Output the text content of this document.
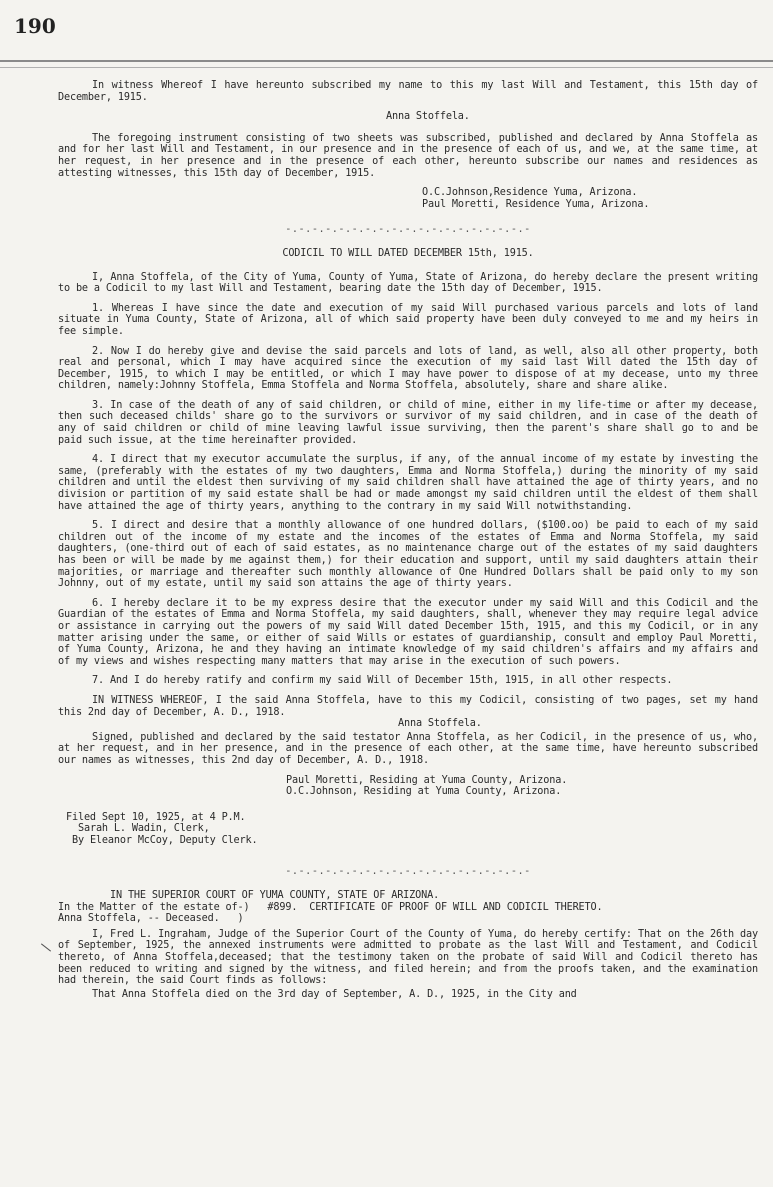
190

In witness Whereof I have hereunto subscribed my name to this my last Will and Testament, this 15th day of December, 1915.

Anna Stoffela.

The foregoing instrument consisting of two sheets was subscribed, published and declared by Anna Stoffela as and for her last Will and Testament, in our presence and in the presence of each of us, and we, at the same time, at her request, in her presence and in the presence of each other, hereunto subscribe our names and residences as attesting witnesses, this 15th day of December, 1915.

O.C.Johnson,Residence Yuma, Arizona.
Paul Moretti, Residence Yuma, Arizona.
-.-.-.-.-.-.-.-.-.-.-.-.-.-.-.-.-.-.-
CODICIL TO WILL DATED DECEMBER 15th, 1915.

I, Anna Stoffela, of the City of Yuma, County of Yuma, State of Arizona, do hereby declare the present writing to be a Codicil to my last Will and Testament, bearing date the 15th day of December, 1915.

1. Whereas I have since the date and execution of my said Will purchased various parcels and lots of land situate in Yuma County, State of Arizona, all of which said property have been duly conveyed to me and my heirs in fee simple.

2. Now I do hereby give and devise the said parcels and lots of land, as well, also all other property, both real and personal, which I may have acquired since the execution of my said last Will dated the 15th day of December, 1915, to which I may be entitled, or which I may have power to dispose of at my decease, unto my three children, namely:Johnny Stoffela, Emma Stoffela and Norma Stoffela, absolutely, share and share alike.

3. In case of the death of any of said children, or child of mine, either in my life-time or after my decease, then such deceased childs' share go to the survivors or survivor of my said children, and in case of the death of any of said children or child of mine leaving lawful issue surviving, then the parent's share shall go to and be paid such issue, at the time hereinafter provided.

4. I direct that my executor accumulate the surplus, if any, of the annual income of my estate by investing the same, (preferably with the estates of my two daughters, Emma and Norma Stoffela,) during the minority of my said children and until the eldest then surviving of my said children shall have attained the age of thirty years, and no division or partition of my said estate shall be had or made amongst my said children until the eldest of them shall have attained the age of thirty years, anything to the contrary in my said Will notwithstanding.

5. I direct and desire that a monthly allowance of one hundred dollars, ($100.oo) be paid to each of my said children out of the income of my estate and the incomes of the estates of Emma and Norma Stoffela, my said daughters, (one-third out of each of said estates, as no maintenance charge out of the estates of my said daughters has been or will be made by me against them,) for their education and support, until my said daughters attain their majorities, or marriage and thereafter such monthly allowance of One Hundred Dollars shall be paid only to my son Johnny, out of my estate, until my said son attains the age of thirty years.

6. I hereby declare it to be my express desire that the executor under my said Will and this Codicil and the Guardian of the estates of Emma and Norma Stoffela, my said daughters, shall, whenever they may require legal advice or assistance in carrying out the powers of my said Will dated December 15th, 1915, and this my Codicil, or in any matter arising under the same, or either of said Wills or estates of guardianship, consult and employ Paul Moretti, of Yuma County, Arizona, he and they having an intimate knowledge of my said children's affairs and my affairs and of my views and wishes respecting many matters that may arise in the execution of such powers.

7. And I do hereby ratify and confirm my said Will of December 15th, 1915, in all other respects.

IN WITNESS WHEREOF, I the said Anna Stoffela, have to this my Codicil, consisting of two pages, set my hand this 2nd day of December, A. D., 1918.

Anna Stoffela.

Signed, published and declared by the said testator Anna Stoffela, as her Codicil, in the presence of us, who, at her request, and in her presence, and in the presence of each other, at the same time, have hereunto subscribed our names as witnesses, this 2nd day of December, A. D., 1918.

Paul Moretti, Residing at Yuma County, Arizona.
O.C.Johnson, Residing at Yuma County, Arizona.
Filed Sept 10, 1925, at 4 P.M.
Sarah L. Wadin, Clerk,
By Eleanor McCoy, Deputy Clerk.
-.-.-.-.-.-.-.-.-.-.-.-.-.-.-.-.-.-.-
IN THE SUPERIOR COURT OF YUMA COUNTY, STATE OF ARIZONA.
In the Matter of the estate of-)   #899.  CERTIFICATE OF PROOF OF WILL AND CODICIL THERETO.
Anna Stoffela, -- Deceased.   )

I, Fred L. Ingraham, Judge of the Superior Court of the County of Yuma, do hereby certify: That on the 26th day of September, 1925, the annexed instruments were admitted to probate as the last Will and Testament, and Codicil thereto, of Anna Stoffela,deceased; that the testimony taken on the probate of said Will and Codicil thereto has been reduced to writing and signed by the witness, and filed herein; and from the proofs taken, and the examination had therein, the said Court finds as follows:

That Anna Stoffela died on the 3rd day of September, A. D., 1925, in the City and
